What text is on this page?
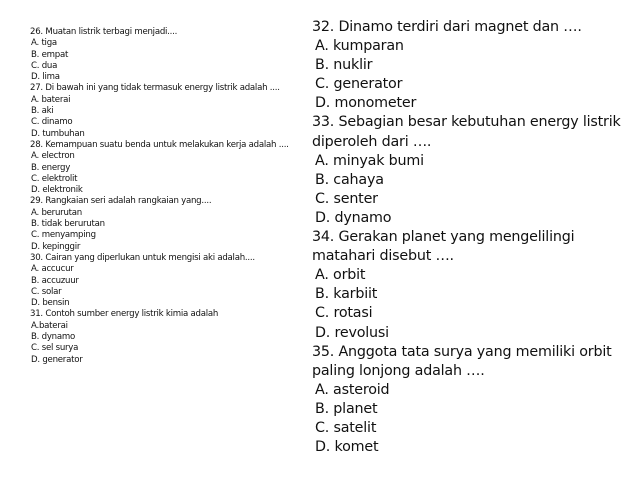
26. Muatan listrik terbagi menjadi....

A. tiga

B. empat

C. dua

D. lima

27. Di bawah ini yang tidak termasuk energy listrik adalah ....

A. baterai

B. aki

C. dinamo

D. tumbuhan

28. Kemampuan suatu benda untuk melakukan kerja adalah ....

A. electron

B. energy

C. elektrolit

D. elektronik

29. Rangkaian seri adalah rangkaian yang....

A. berurutan

B. tidak berurutan

C. menyamping

D. kepinggir

30. Cairan yang diperlukan untuk mengisi aki adalah....

A. accucur

B. accuzuur

C. solar

D. bensin

31. Contoh sumber energy listrik kimia adalah

A.baterai

B. dynamo

C. sel surya

D. generator

32. Dinamo terdiri dari magnet dan ….

A. kumparan

B. nuklir

C. generator

D. monometer

33. Sebagian besar kebutuhan energy listrik diperoleh dari ….

A. minyak bumi

B. cahaya

C. senter

D. dynamo

34. Gerakan planet yang mengelilingi matahari disebut ….

A. orbit

B. karbiit

C. rotasi

D. revolusi

35. Anggota tata surya yang memiliki orbit paling lonjong adalah ….

A. asteroid

B. planet

C. satelit

D. komet
